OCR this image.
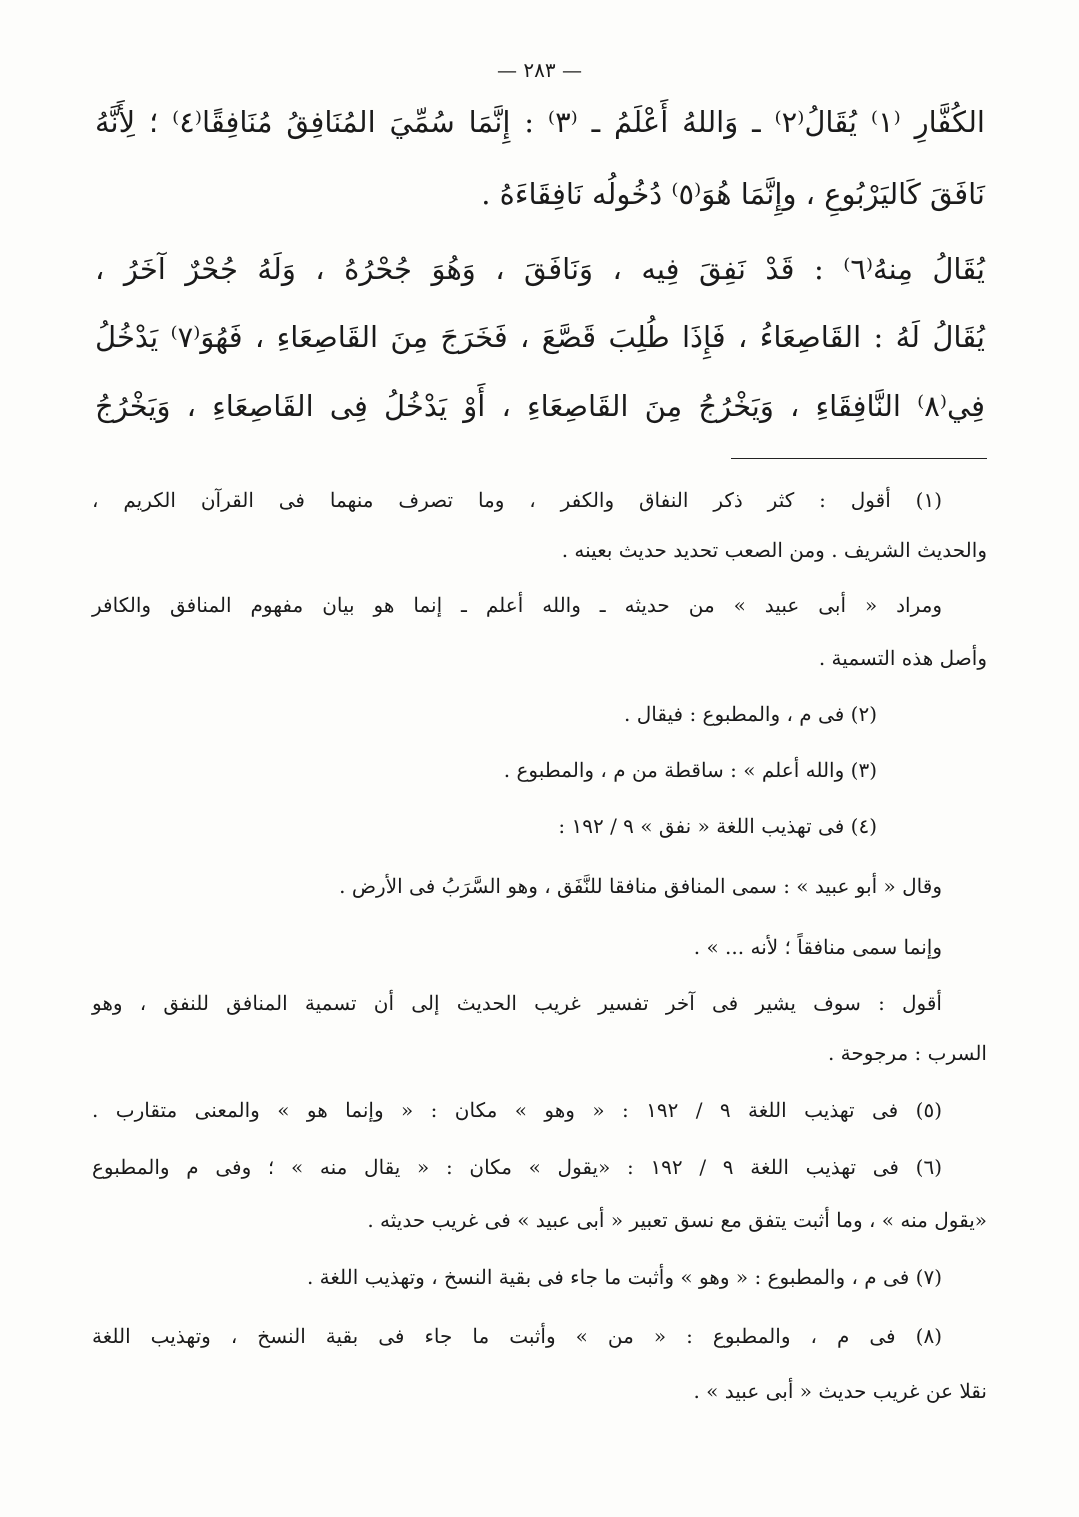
— ٢٨٣ —
الكُفَّارِ ⁽١⁾ يُقَالُ⁽٢⁾ ـ وَاللهُ أَعْلَمُ ـ ⁽٣⁾ : إِنَّمَا سُمِّيَ المُنَافِقُ مُنَافِقًا⁽٤⁾ ؛ لِأَنَّهُ
نَافَقَ كَاليَرْبُوعِ ، وإِنَّمَا هُوَ⁽٥⁾ دُخُولُه نَافِقَاءَهُ .
يُقَالُ مِنهُ⁽٦⁾ : قَدْ نَفِقَ فِيه ، وَنَافَقَ ، وَهُوَ جُحْرُهُ ، وَلَهُ جُحْرٌ آخَرُ ،
يُقَالُ لَهُ : القَاصِعَاءُ ، فَإِذَا طُلِبَ قَصَّعَ ، فَخَرَجَ مِنَ القَاصِعَاءِ ، فَهُوَ⁽٧⁾ يَدْخُلُ
فِي⁽٨⁾ النَّافِقَاءِ ، وَيَخْرُجُ مِنَ القَاصِعَاءِ ، أَوْ يَدْخُلُ فِى القَاصِعَاءِ ، وَيَخْرُجُ
(١) أقول : كثر ذكر النفاق والكفر ، وما تصرف منهما فى القرآن الكريم ،
والحديث الشريف . ومن الصعب تحديد حديث بعينه .
ومراد « أبى عبيد » من حديثه ـ والله أعلم ـ إنما هو بيان مفهوم المنافق والكافر
وأصل هذه التسمية .
(٢) فى م ، والمطبوع : فيقال .
(٣) والله أعلم » : ساقطة من م ، والمطبوع .
(٤) فى تهذيب اللغة « نفق » ٩ / ١٩٢ :
وقال « أبو عبيد » : سمى المنافق منافقا للنَّفَق ، وهو السَّرَبُ فى الأرض .
وإنما سمى منافقاً ؛ لأنه ... » .
أقول : سوف يشير فى آخر تفسير غريب الحديث إلى أن تسمية المنافق للنفق ، وهو
السرب : مرجوحة .
(٥) فى تهذيب اللغة ٩ / ١٩٢ : « وهو » مكان : « وإنما هو » والمعنى متقارب .
(٦) فى تهذيب اللغة ٩ / ١٩٢ : «يقول » مكان : « يقال منه » ؛ وفى م والمطبوع
«يقول منه » ، وما أثبت يتفق مع نسق تعبير « أبى عبيد » فى غريب حديثه .
(٧) فى م ، والمطبوع : « وهو » وأثبت ما جاء فى بقية النسخ ، وتهذيب اللغة .
(٨) فى م ، والمطبوع : « من » وأثبت ما جاء فى بقية النسخ ، وتهذيب اللغة
نقلا عن غريب حديث « أبى عبيد » .
